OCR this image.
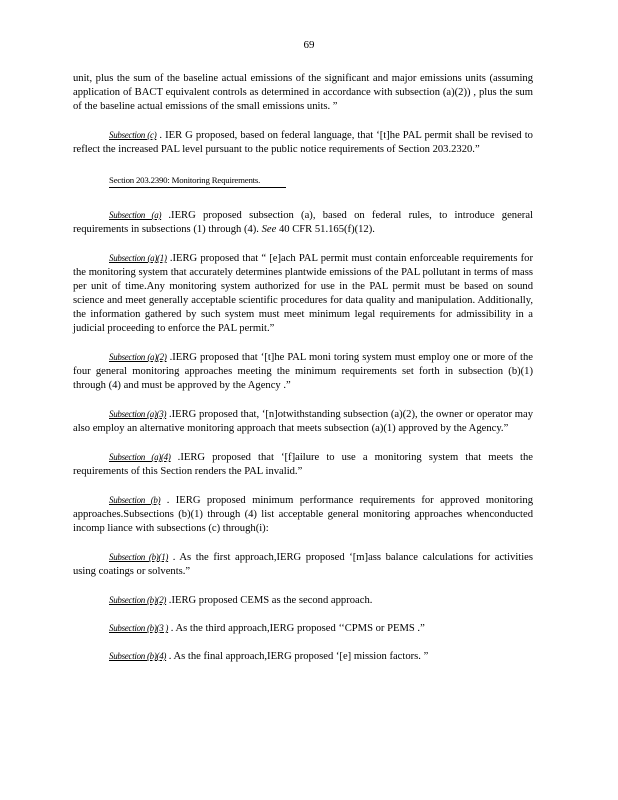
69

unit, plus the sum of the baseline actual emissions of the significant and major emissions units (assuming application of BACT equivalent controls as determined in accordance with subsection (a)(2)) , plus the sum of the baseline actual emissions of the small emissions units. ”

Subsection (c) . IER G proposed, based on federal language, that ‘[t]he PAL permit shall be revised to reflect the increased PAL level pursuant to the public notice requirements of Section 203.2320.”

Section 203.2390: Monitoring Requirements.

Subsection (a) .IERG proposed subsection (a), based on federal rules, to introduce general requirements in subsections (1) through (4). See 40 CFR 51.165(f)(12).

Subsection (a)(1) .IERG proposed that “ [e]ach PAL permit must contain enforceable requirements for the monitoring system that accurately determines plantwide emissions of the PAL pollutant in terms of mass per unit of time.Any monitoring system authorized for use in the PAL permit must be based on sound science and meet generally acceptable scientific procedures for data quality and manipulation. Additionally, the information gathered by such system must meet minimum legal requirements for admissibility in a judicial proceeding to enforce the PAL permit.”

Subsection (a)(2) .IERG proposed that ‘[t]he PAL moni toring system must employ one or more of the four general monitoring approaches meeting the minimum requirements set forth in subsection (b)(1) through (4) and must be approved by the Agency .”

Subsection (a)(3) .IERG proposed that, ‘[n]otwithstanding subsection (a)(2), the owner or operator may also employ an alternative monitoring approach that meets subsection (a)(1) approved by the Agency.”

Subsection (a)(4) .IERG proposed that ‘[f]ailure to use a monitoring system that meets the requirements of this Section renders the PAL invalid.”

Subsection (b) . IERG proposed minimum performance requirements for approved monitoring approaches.Subsections (b)(1) through (4) list acceptable general monitoring approaches whenconducted incomp liance with subsections (c) through(i):

Subsection (b)(1) . As the first approach,IERG proposed ‘[m]ass balance calculations for activities using coatings or solvents.”

Subsection (b)(2) .IERG proposed CEMS as the second approach.

Subsection (b)(3 ) . As the third approach,IERG proposed ‘‘CPMS or PEMS .”

Subsection (b)(4) . As the final approach,IERG proposed ‘[e] mission factors. ”
